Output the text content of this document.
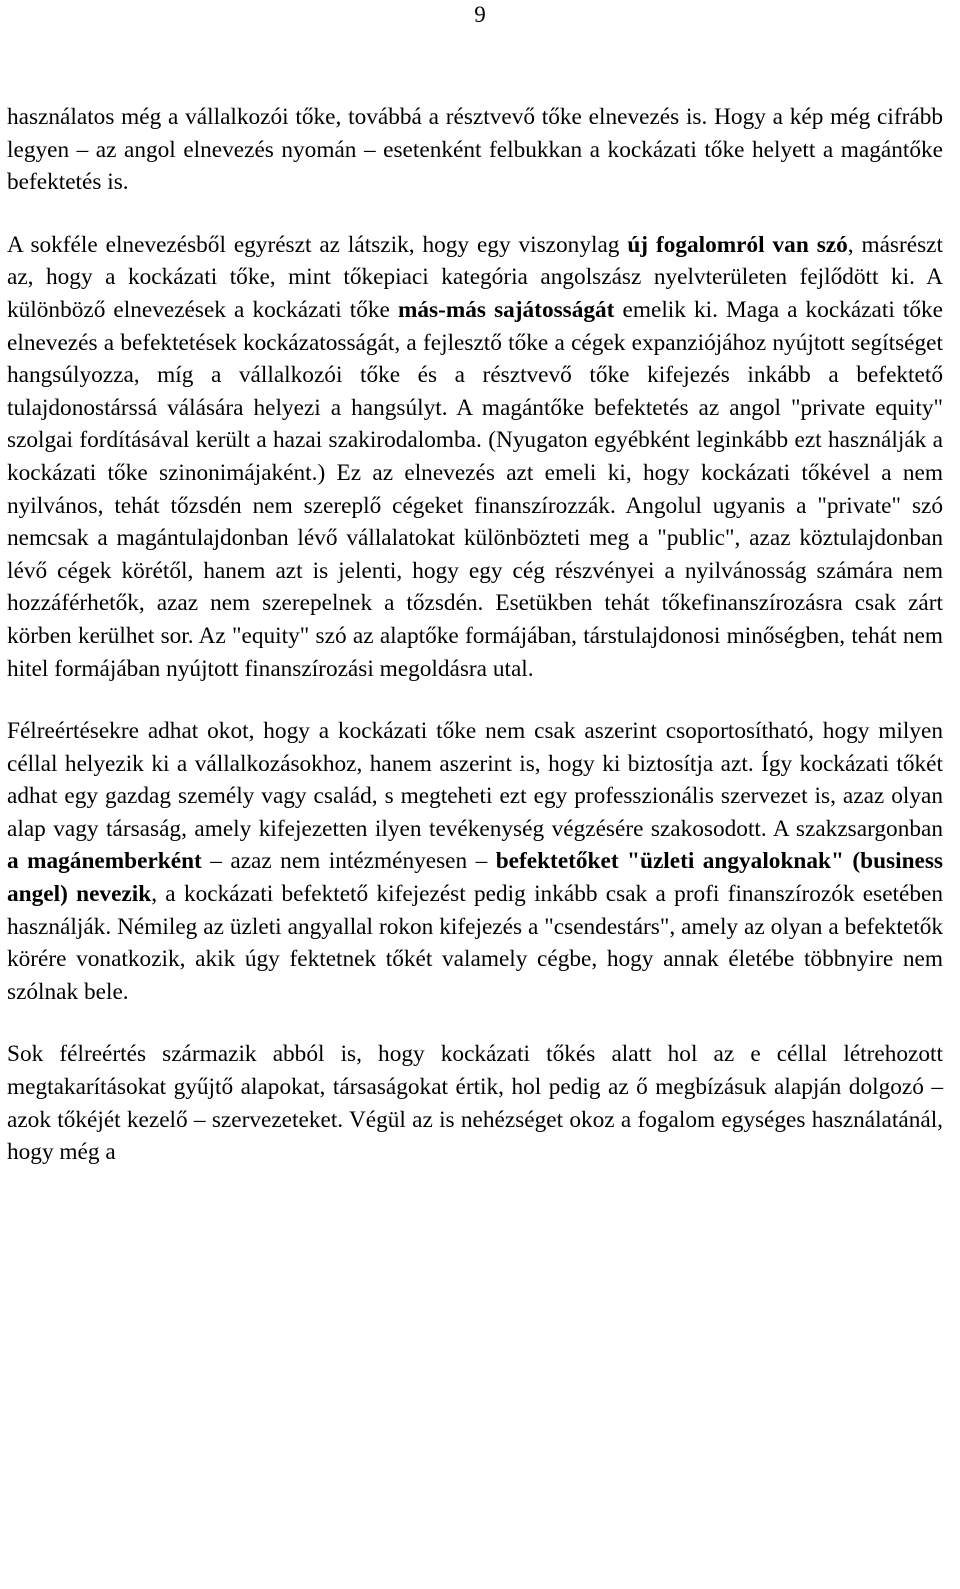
9

használatos még a vállalkozói tőke, továbbá a résztvevő tőke elnevezés is. Hogy a kép még cifrább legyen – az angol elnevezés nyomán – esetenként felbukkan a kockázati tőke helyett a magántőke befektetés is.

A sokféle elnevezésből egyrészt az látszik, hogy egy viszonylag új fogalomról van szó, másrészt az, hogy a kockázati tőke, mint tőkepiaci kategória angolszász nyelvterületen fejlődött ki. A különböző elnevezések a kockázati tőke más-más sajátosságát emelik ki. Maga a kockázati tőke elnevezés a befektetések kockázatosságát, a fejlesztő tőke a cégek expanziójához nyújtott segítséget hangsúlyozza, míg a vállalkozói tőke és a résztvevő tőke kifejezés inkább a befektető tulajdonostárssá válására helyezi a hangsúlyt. A magántőke befektetés az angol "private equity" szolgai fordításával került a hazai szakirodalomba. (Nyugaton egyébként leginkább ezt használják a kockázati tőke szinonimájaként.) Ez az elnevezés azt emeli ki, hogy kockázati tőkével a nem nyilvános, tehát tőzsdén nem szereplő cégeket finanszírozzák. Angolul ugyanis a "private" szó nemcsak a magántulajdonban lévő vállalatokat különbözteti meg a "public", azaz köztulajdonban lévő cégek körétől, hanem azt is jelenti, hogy egy cég részvényei a nyilvánosság számára nem hozzáférhetők, azaz nem szerepelnek a tőzsdén. Esetükben tehát tőkefinanszírozásra csak zárt körben kerülhet sor. Az "equity" szó az alaptőke formájában, társtulajdonosi minőségben, tehát nem hitel formájában nyújtott finanszírozási megoldásra utal.

Félreértésekre adhat okot, hogy a kockázati tőke nem csak aszerint csoportosítható, hogy milyen céllal helyezik ki a vállalkozásokhoz, hanem aszerint is, hogy ki biztosítja azt. Így kockázati tőkét adhat egy gazdag személy vagy család, s megteheti ezt egy professzionális szervezet is, azaz olyan alap vagy társaság, amely kifejezetten ilyen tevékenység végzésére szakosodott. A szakzsargonban a magánemberként – azaz nem intézményesen – befektetőket "üzleti angyaloknak" (business angel) nevezik, a kockázati befektető kifejezést pedig inkább csak a profi finanszírozók esetében használják. Némileg az üzleti angyallal rokon kifejezés a "csendestárs", amely az olyan a befektetők körére vonatkozik, akik úgy fektetnek tőkét valamely cégbe, hogy annak életébe többnyire nem szólnak bele.

Sok félreértés származik abból is, hogy kockázati tőkés alatt hol az e céllal létrehozott megtakarításokat gyűjtő alapokat, társaságokat értik, hol pedig az ő megbízásuk alapján dolgozó – azok tőkéjét kezelő – szervezeteket. Végül az is nehézséget okoz a fogalom egységes használatánál, hogy még a
